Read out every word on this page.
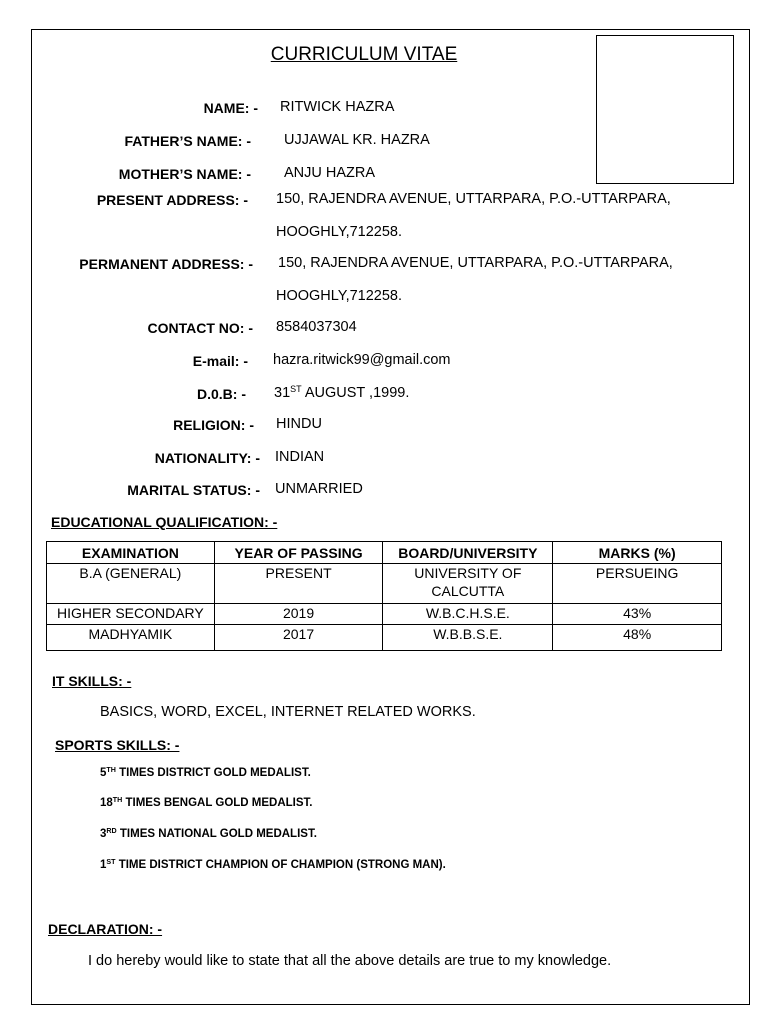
CURRICULUM VITAE
NAME: - RITWICK HAZRA
FATHER’S NAME: - UJJAWAL KR. HAZRA
MOTHER’S NAME: - ANJU HAZRA
PRESENT ADDRESS: - 150, RAJENDRA AVENUE, UTTARPARA, P.O.-UTTARPARA,
HOOGHLY,712258.
PERMANENT ADDRESS: - 150, RAJENDRA AVENUE, UTTARPARA, P.O.-UTTARPARA,
HOOGHLY,712258.
CONTACT NO: - 8584037304
E-mail: - hazra.ritwick99@gmail.com
D.0.B: - 31ST AUGUST ,1999.
RELIGION: - HINDU
NATIONALITY: - INDIAN
MARITAL STATUS: - UNMARRIED
EDUCATIONAL QUALIFICATION: -
EXAMINATION	YEAR OF PASSING	BOARD/UNIVERSITY	MARKS (%)
B.A (GENERAL)	PRESENT	UNIVERSITY OF CALCUTTA	PERSUEING
HIGHER SECONDARY	2019	W.B.C.H.S.E.	43%
MADHYAMIK	2017	W.B.B.S.E.	48%
IT SKILLS: -
BASICS, WORD, EXCEL, INTERNET RELATED WORKS.
SPORTS SKILLS: -
5TH TIMES DISTRICT GOLD MEDALIST.
18TH TIMES BENGAL GOLD MEDALIST.
3RD TIMES NATIONAL GOLD MEDALIST.
1ST TIME DISTRICT CHAMPION OF CHAMPION (STRONG MAN).
DECLARATION: -
I do hereby would like to state that all the above details are true to my knowledge.
